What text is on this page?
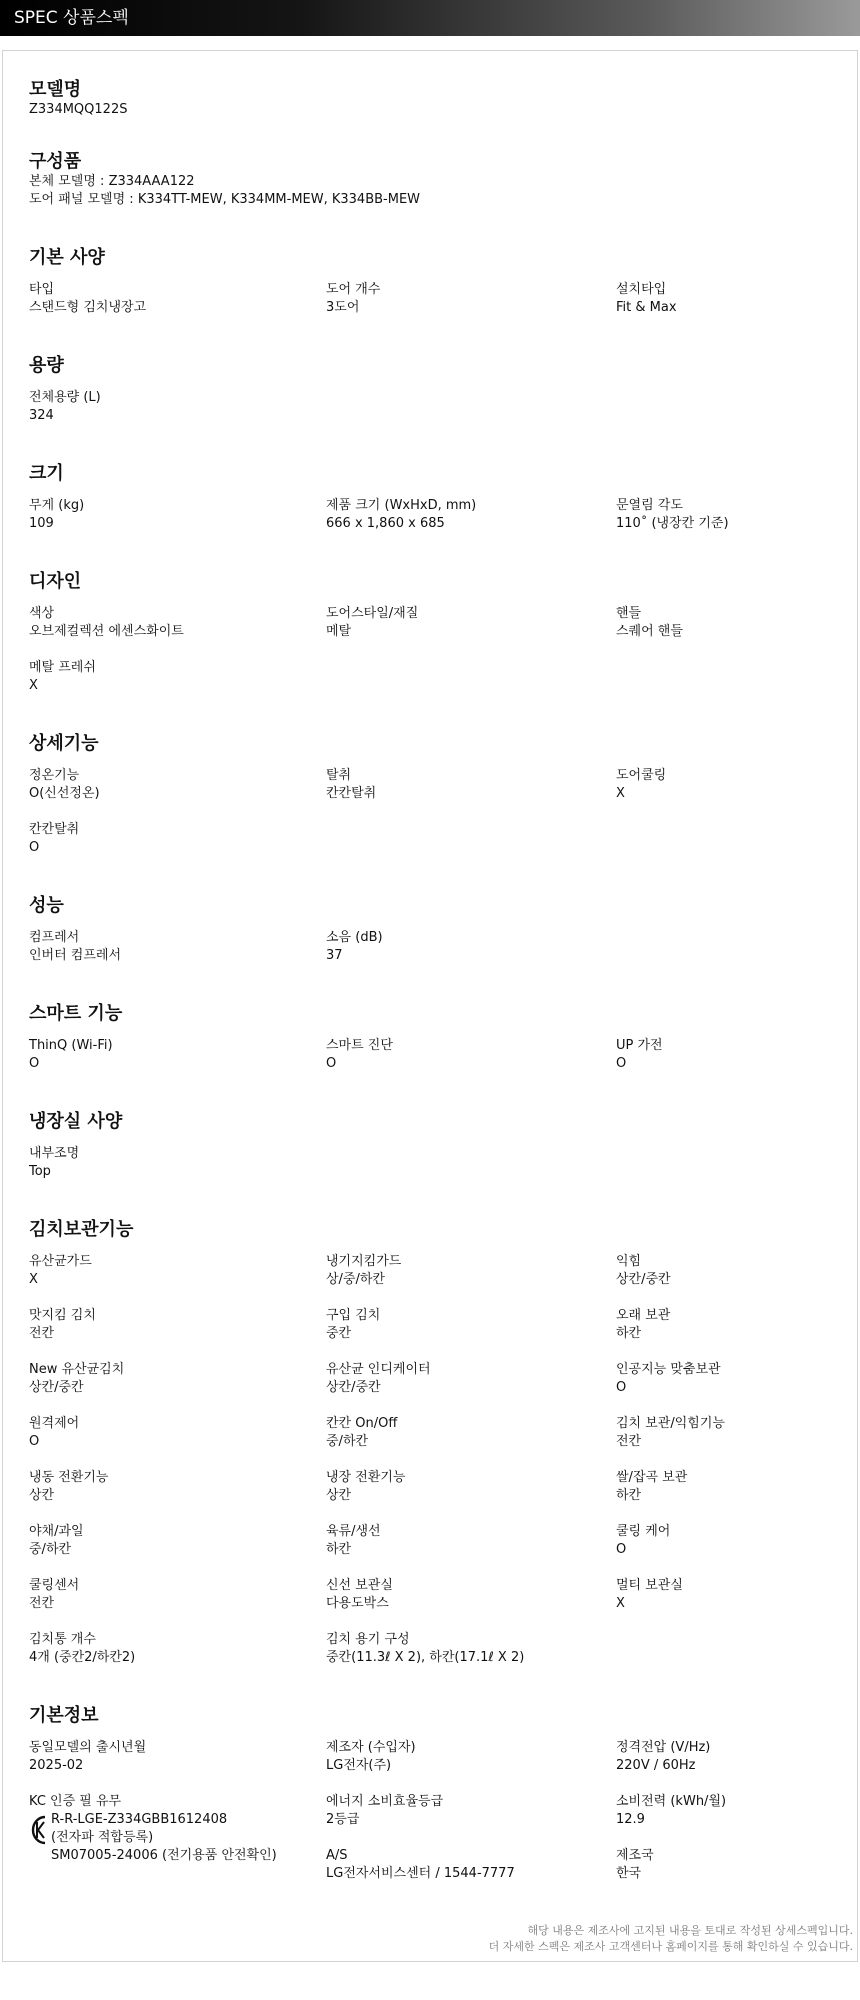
SPEC 상품스펙
모델명
Z334MQQ122S
구성품
본체 모델명 : Z334AAA122
도어 패널 모델명 : K334TT-MEW, K334MM-MEW, K334BB-MEW
기본 사양
타입
스탠드형 김치냉장고
도어 개수
3도어
설치타입
Fit & Max
용량
전체용량 (L)
324
크기
무게 (kg)
109
제품 크기 (WxHxD, mm)
666 x 1,860 x 685
문열림 각도
110˚ (냉장칸 기준)
디자인
색상
오브제컬렉션 에센스화이트
도어스타일/재질
메탈
핸들
스퀘어 핸들
메탈 프레쉬
X
상세기능
정온기능
O(신선정온)
탈취
칸칸탈취
도어쿨링
X
칸칸탈취
O
성능
컴프레서
인버터 컴프레서
소음 (dB)
37
스마트 기능
ThinQ (Wi-Fi)
O
스마트 진단
O
UP 가전
O
냉장실 사양
내부조명
Top
김치보관기능
유산균가드
X
냉기지킴가드
상/중/하칸
익힘
상칸/중칸
맛지킴 김치
전칸
구입 김치
중칸
오래 보관
하칸
New 유산균김치
상칸/중칸
유산균 인디케이터
상칸/중칸
인공지능 맞춤보관
O
원격제어
O
칸칸 On/Off
중/하칸
김치 보관/익힘기능
전칸
냉동 전환기능
상칸
냉장 전환기능
상칸
쌀/잡곡 보관
하칸
야채/과일
중/하칸
육류/생선
하칸
쿨링 케어
O
쿨링센서
전칸
신선 보관실
다용도박스
멀티 보관실
X
김치통 개수
4개 (중칸2/하칸2)
김치 용기 구성
중칸(11.3ℓ X 2), 하칸(17.1ℓ X 2)
기본정보
동일모델의 출시년월
2025-02
제조자 (수입자)
LG전자(주)
정격전압 (V/Hz)
220V / 60Hz
KC 인증 필 유무
R-R-LGE-Z334GBB1612408
(전자파 적합등록)
SM07005-24006 (전기용품 안전확인)
에너지 소비효율등급
2등급
소비전력 (kWh/월)
12.9
A/S
LG전자서비스센터 / 1544-7777
제조국
한국
해당 내용은 제조사에 고지된 내용을 토대로 작성된 상세스펙입니다.
더 자세한 스펙은 제조사 고객센터나 홈페이지를 통해 확인하실 수 있습니다.
